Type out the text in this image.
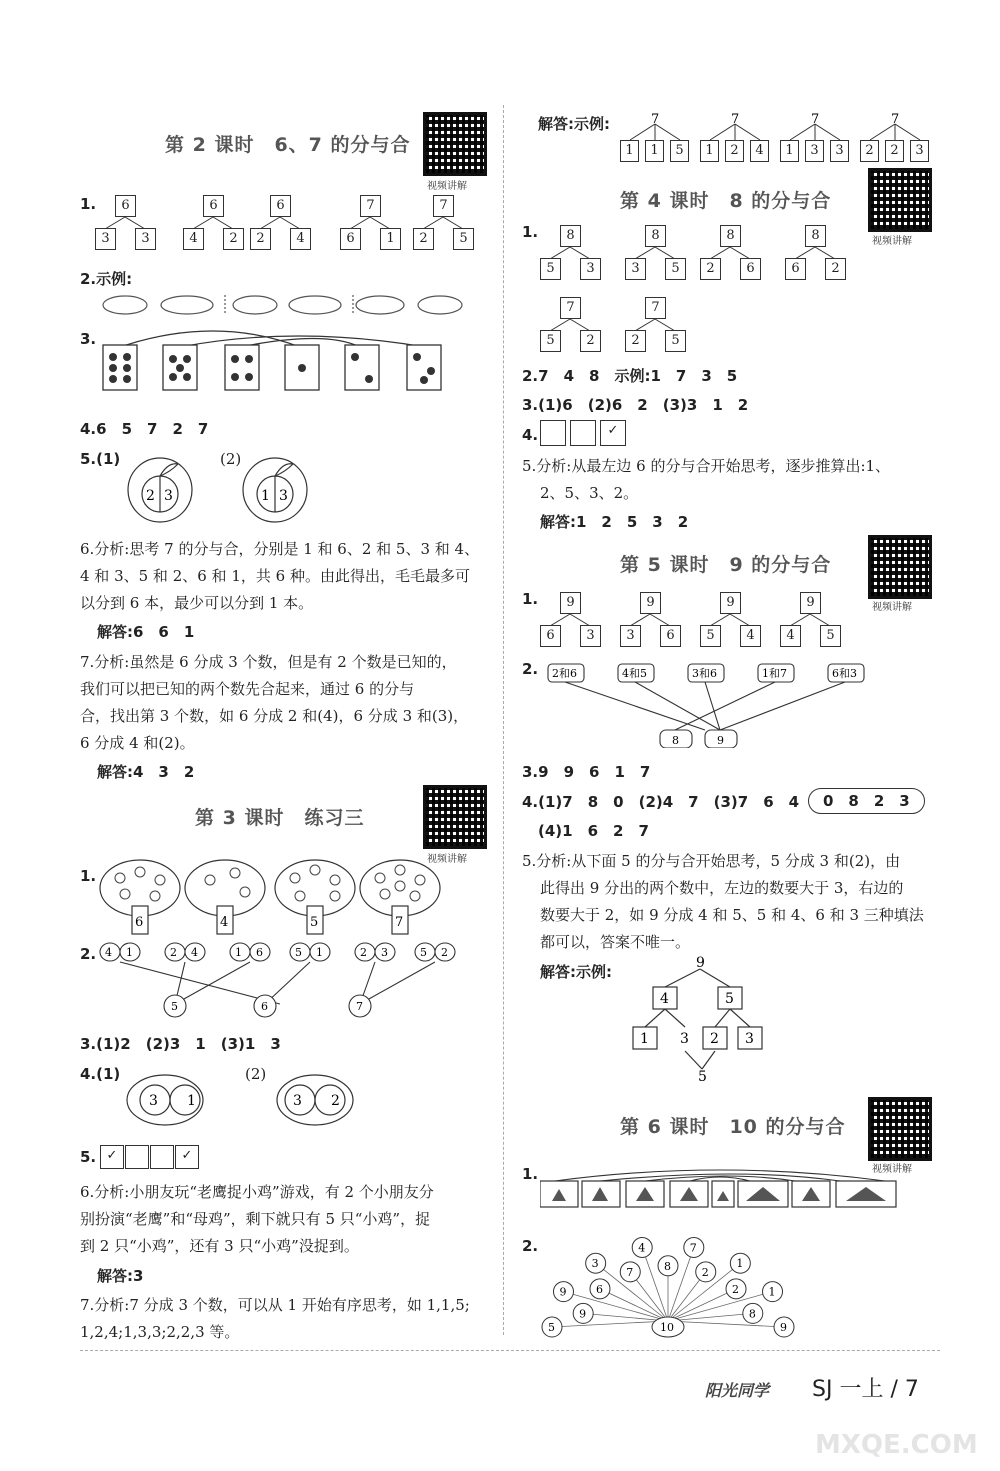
第 2 课时　6、7 的分与合
视频讲解
1.	6
3	3
6
4	2
6
2	4
7
6	1
7
2	5
2.示例:
3.
4.6　5　7　2　7
5.(1)	(2)
2 3	1 3
6.分析:思考 7 的分与合，分别是 1 和 6、2 和 5、3 和 4、
4 和 3、5 和 2、6 和 1，共 6 种。由此得出，毛毛最多可
以分到 6 本，最少可以分到 1 本。
解答:6　6　1
7.分析:虽然是 6 分成 3 个数，但是有 2 个数是已知的，
我们可以把已知的两个数先合起来，通过 6 的分与
合，找出第 3 个数，如 6 分成 2 和(4)，6 分成 3 和(3)，
6 分成 4 和(2)。
解答:4　3　2
第 3 课时　练习三
视频讲解
1.
6	4	5	7
2. 4 1	2 4	1 6	5 1	2 3	5 2
5	6	7
3.(1)2　(2)3　1　(3)1　3
4.(1)	(2)
3 1	3 2
5. ✓	✓
6.分析:小朋友玩“老鹰捉小鸡”游戏，有 2 个小朋友分
别扮演“老鹰”和“母鸡”，剩下就只有 5 只“小鸡”，捉
到 2 只“小鸡”，还有 3 只“小鸡”没捉到。
解答:3
7.分析:7 分成 3 个数，可以从 1 开始有序思考，如 1,1,5;
1,2,4;1,3,3;2,2,3 等。
解答:示例:	7
1	1	5
7
1	2	4
7
1	3	3
7
2	2	3
第 4 课时　8 的分与合
视频讲解
1.	8
5	3
8
3	5
8
2	6
8
6	2
7
5	2
7
2	5
2.7　4　8　示例:1　7　3　5
3.(1)6　(2)6　2　(3)3　1　2
4.	✓
5.分析:从最左边 6 的分与合开始思考，逐步推算出:1、
2、5、3、2。
解答:1　2　5　3　2
第 5 课时　9 的分与合
视频讲解
1.	9
6	3
9
3	6
9
5	4
9
4	5
2. 2和6	4和5	3和6	1和7	6和3
8	9
3.9　9　6　1　7
4.(1)7　8　0　(2)4　7　(3)7　6　4	0　8　2　3
(4)1　6　2　7
5.分析:从下面 5 的分与合开始思考，5 分成 3 和(2)，由
此得出 9 分出的两个数中，左边的数要大于 3，右边的
数要大于 2，如 9 分成 4 和 5、5 和 4、6 和 3 三种填法
都可以，答案不唯一。
解答:示例:	9
4	5
1 3 2 3
5
第 6 课时　10 的分与合
视频讲解
1.
2.
5
9
9	6
3
7
4
8
7
2
1
2	1
8
9
10
阳光同学 SJ 一上 / 7
MXQE.COM
